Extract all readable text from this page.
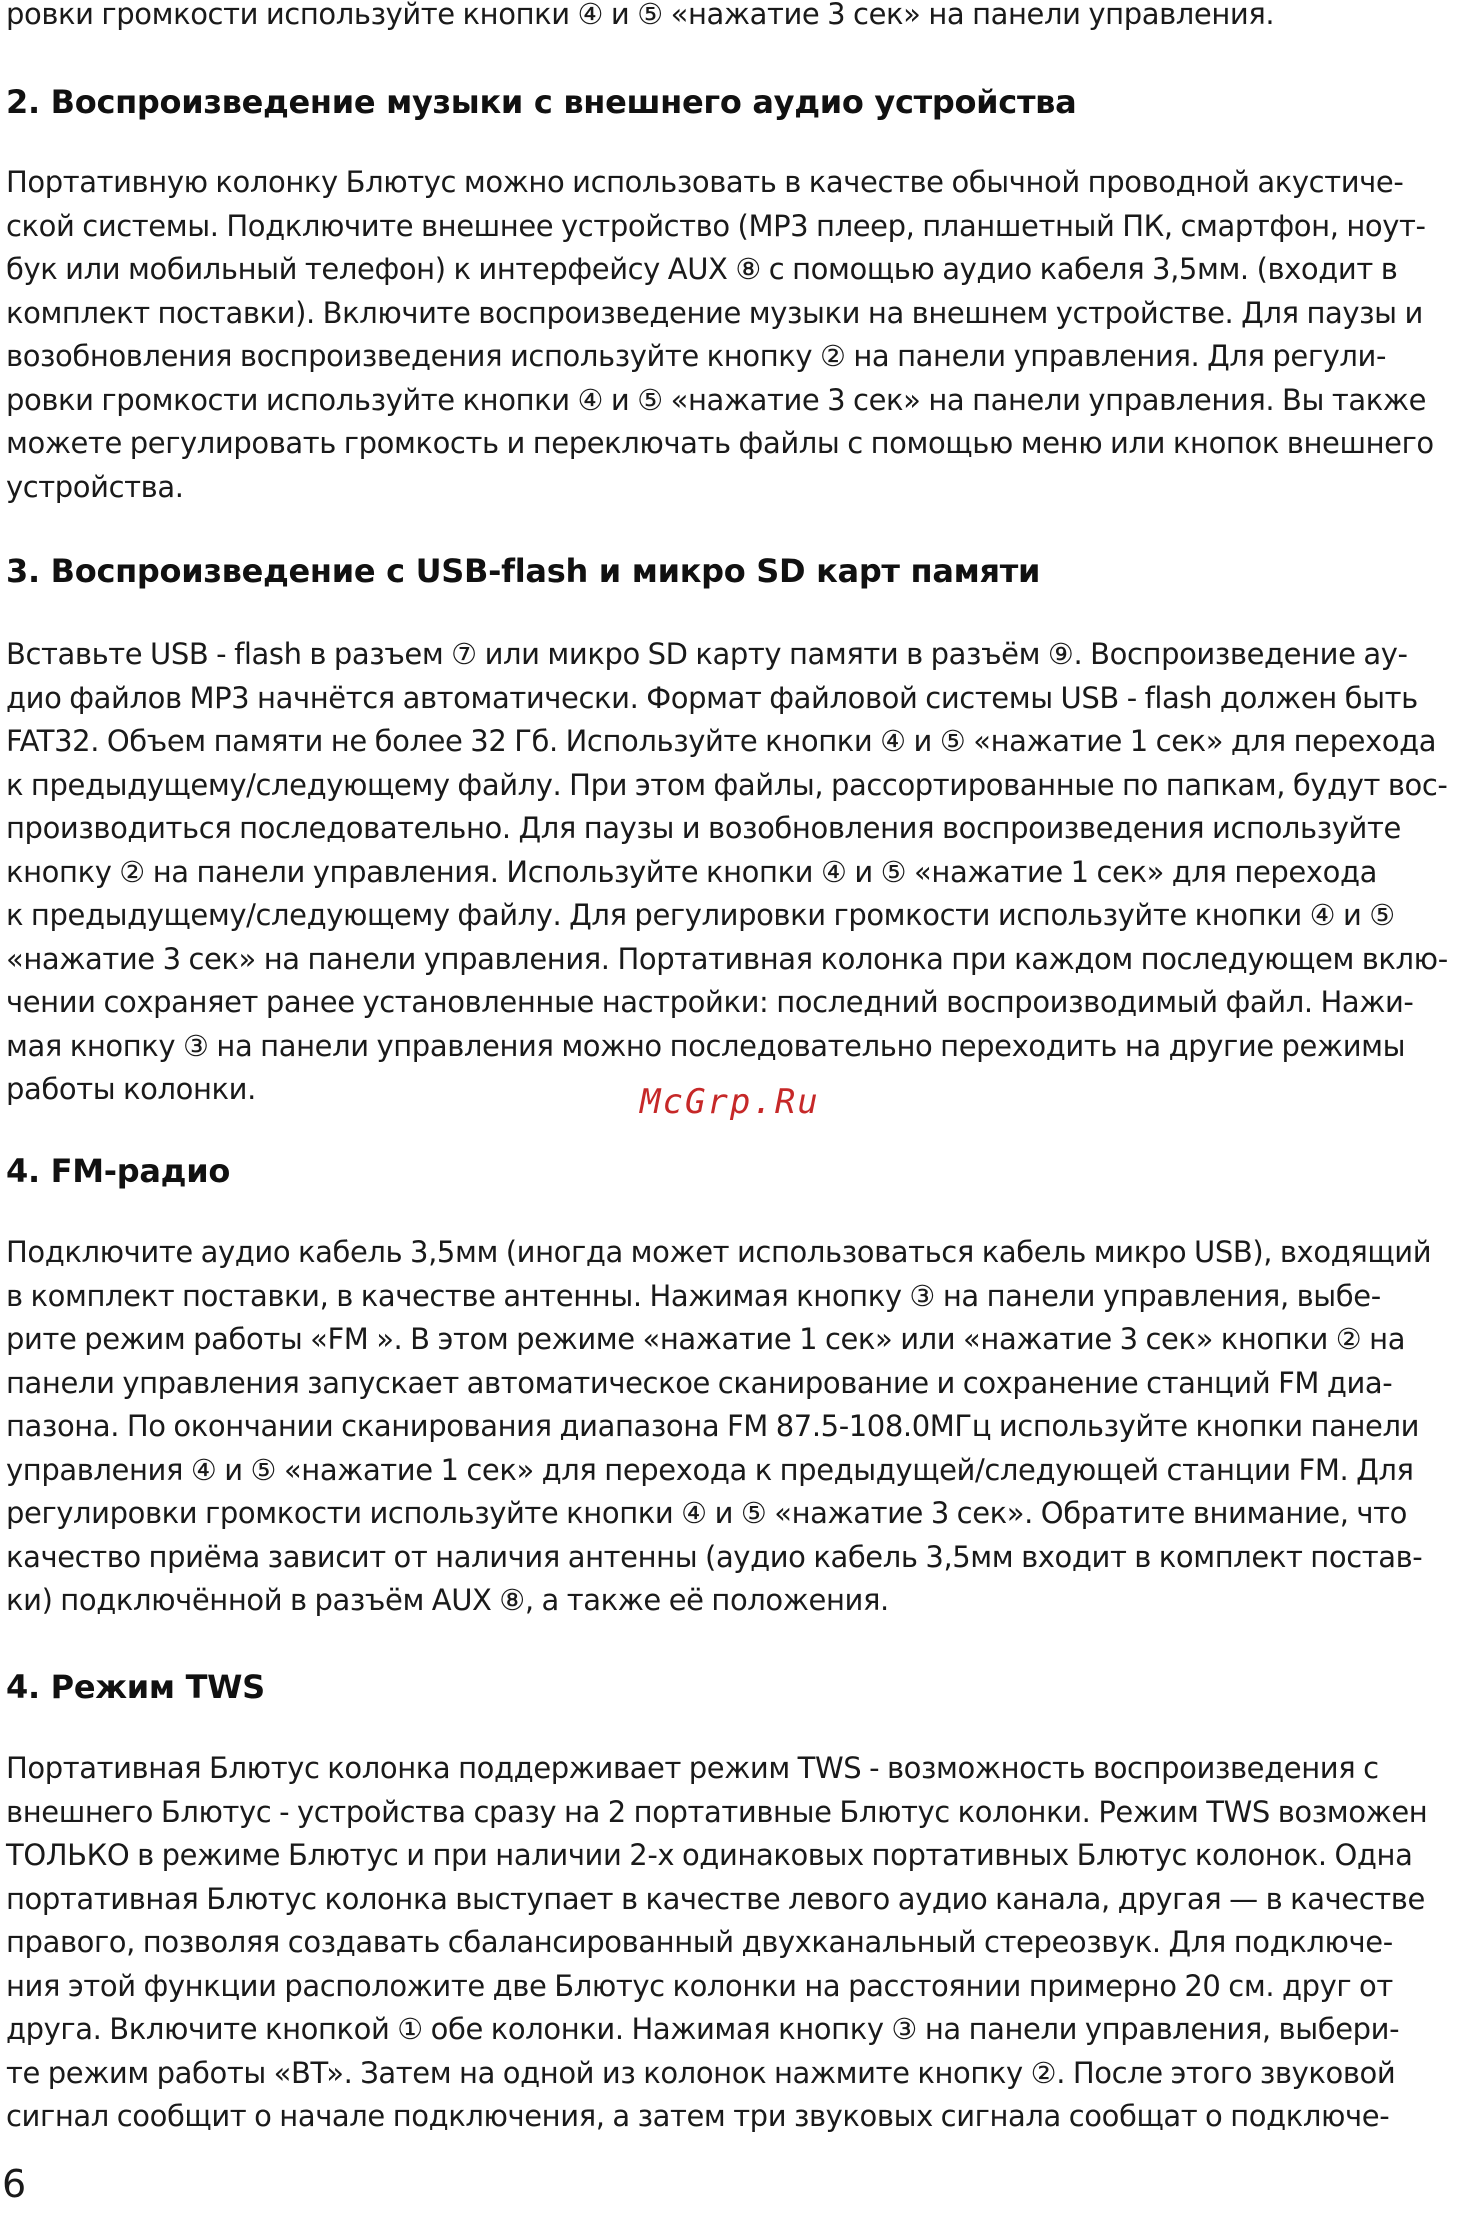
ровки громкости используйте кнопки ④ и ⑤ «нажатие 3 сек» на панели управления.

2. Воспроизведение музыки с внешнего аудио устройства

Портативную колонку Блютус можно использовать в качестве обычной проводной акустиче-
ской системы. Подключите внешнее устройство (MP3 плеер, планшетный ПК, смартфон, ноут-
бук или мобильный телефон) к интерфейсу AUX ⑧ с помощью аудио кабеля 3,5мм. (входит в
комплект поставки). Включите воспроизведение музыки на внешнем устройстве. Для паузы и
возобновления воспроизведения используйте кнопку ② на панели управления. Для регули-
ровки громкости используйте кнопки ④ и ⑤ «нажатие 3 сек» на панели управления. Вы также
можете регулировать громкость и переключать файлы с помощью меню или кнопок внешнего
устройства.

3. Воспроизведение с USB-flash и микро SD карт памяти

Вставьте USB - flash в разъем ⑦ или микро SD карту памяти в разъём ⑨. Воспроизведение ау-
дио файлов MP3 начнётся автоматически. Формат файловой системы USB - flash должен быть
FAT32. Объем памяти не более 32 Гб. Используйте кнопки ④ и ⑤ «нажатие 1 сек» для перехода
к предыдущему/следующему файлу. При этом файлы, рассортированные по папкам, будут вос-
производиться последовательно. Для паузы и возобновления воспроизведения используйте
кнопку ② на панели управления. Используйте кнопки ④ и ⑤ «нажатие 1 сек» для перехода
к предыдущему/следующему файлу. Для регулировки громкости используйте кнопки ④ и ⑤
«нажатие 3 сек» на панели управления. Портативная колонка при каждом последующем вклю-
чении сохраняет ранее установленные настройки: последний воспроизводимый файл. Нажи-
мая кнопку ③ на панели управления можно последовательно переходить на другие режимы
работы колонки.

4. FM-радио

Подключите аудио кабель 3,5мм (иногда может использоваться кабель микро USB), входящий
в комплект поставки, в качестве антенны. Нажимая кнопку ③ на панели управления, выбе-
рите режим работы «FM ». В этом режиме «нажатие 1 сек» или «нажатие 3 сек» кнопки ② на
панели управления запускает автоматическое сканирование и сохранение станций FM диа-
пазона. По окончании сканирования диапазона FM 87.5-108.0МГц используйте кнопки панели
управления ④ и ⑤ «нажатие 1 сек» для перехода к предыдущей/следующей станции FM. Для
регулировки громкости используйте кнопки ④ и ⑤ «нажатие 3 сек». Обратите внимание, что
качество приёма зависит от наличия антенны (аудио кабель 3,5мм входит в комплект постав-
ки) подключённой в разъём AUX ⑧, а также её положения.

4. Режим TWS

Портативная Блютус колонка поддерживает режим TWS - возможность воспроизведения с
внешнего Блютус - устройства сразу на 2 портативные Блютус колонки. Режим TWS возможен
ТОЛЬКО в режиме Блютус и при наличии 2-х одинаковых портативных Блютус колонок. Одна
портативная Блютус колонка выступает в качестве левого аудио канала, другая — в качестве
правого, позволяя создавать сбалансированный двухканальный стереозвук. Для подключе-
ния этой функции расположите две Блютус колонки на расстоянии примерно 20 см. друг от
друга. Включите кнопкой ① обе колонки. Нажимая кнопку ③ на панели управления, выбери-
те режим работы «BT». Затем на одной из колонок нажмите кнопку ②. После этого звуковой
сигнал сообщит о начале подключения, а затем три звуковых сигнала сообщат о подключе-

McGrp.Ru
6
